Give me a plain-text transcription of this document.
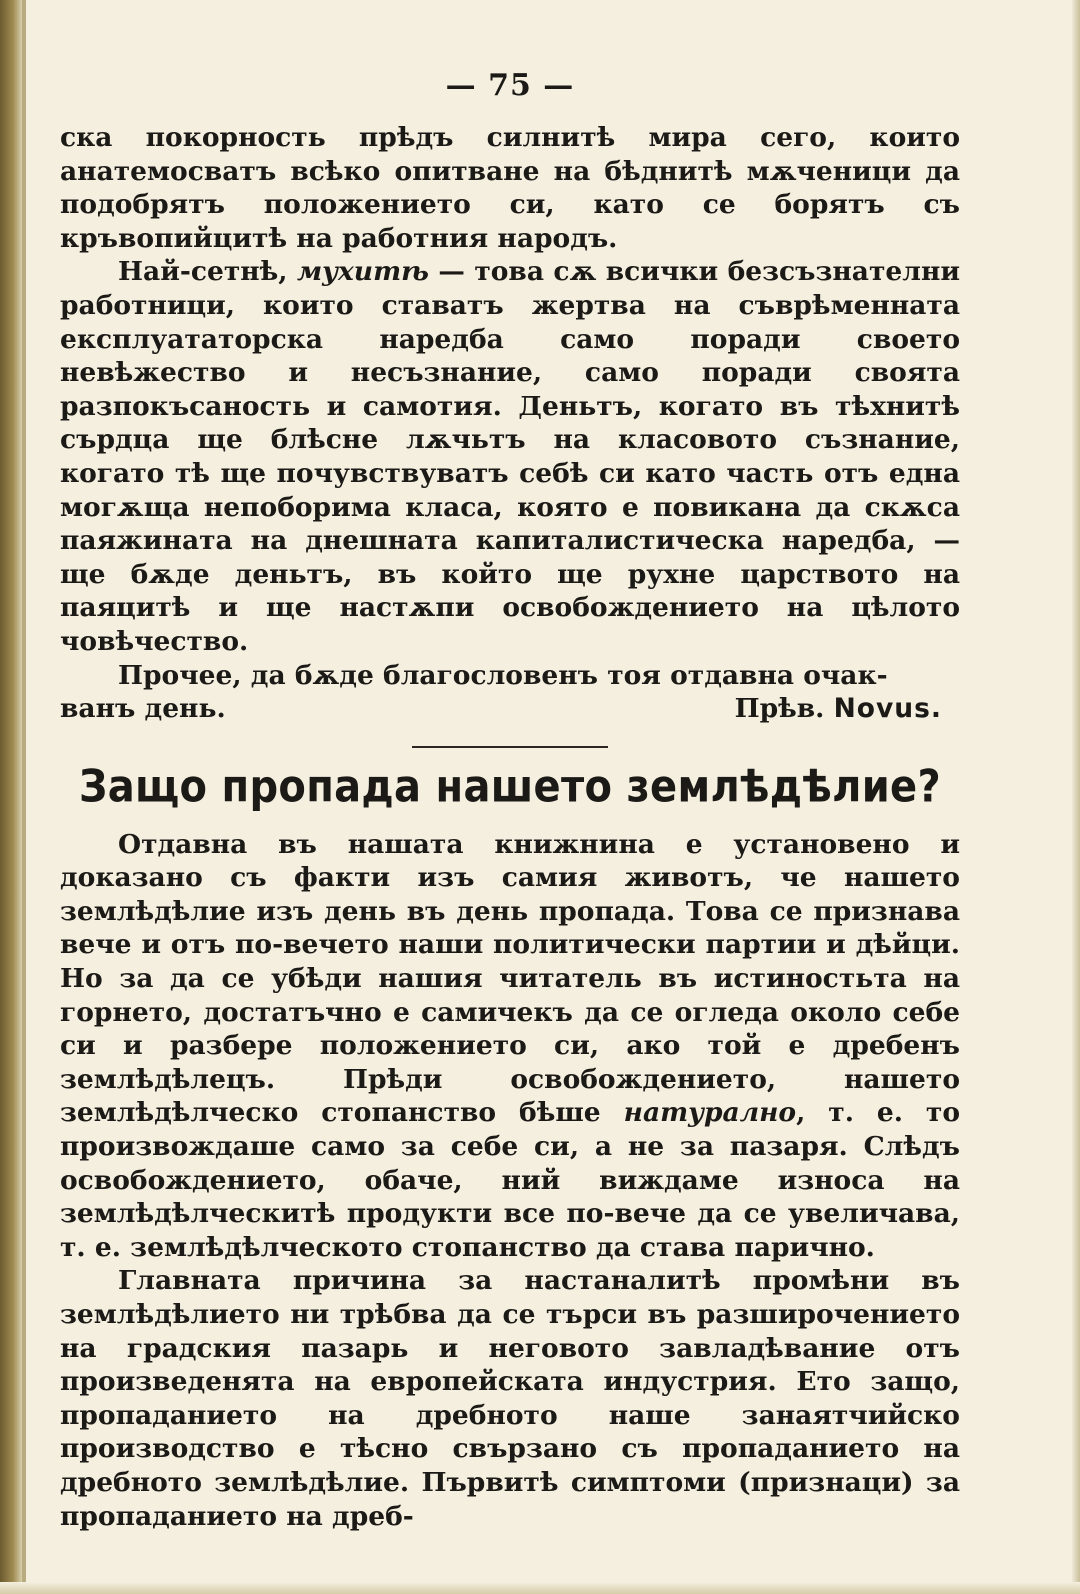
— 75 —

ска покорность прѣдъ силнитѣ мира сего, които анатемосватъ всѣко опитване на бѣднитѣ мѫченици да подобрятъ положението си, като се борятъ съ кръвопийцитѣ на работния народъ.

Най-сетнѣ, мухитѣ — това сѫ всички безсъзнателни работници, които ставатъ жертва на съврѣменната експлуататорска наредба само поради своето невѣжество и несъзнание, само поради своята разпокъсаность и самотия. Деньтъ, когато въ тѣхнитѣ сърдца ще блѣсне лѫчьтъ на класовото съзнание, когато тѣ ще почувствуватъ себѣ си като часть отъ една могѫща непоборима класа, която е повикана да скѫса паяжината на днешната капиталистическа наредба, — ще бѫде деньтъ, въ който ще рухне царството на паяцитѣ и ще настѫпи освобождението на цѣлото човѣчество.

Прочее, да бѫде благословенъ тоя отдавна очак-

ванъ день.	Прѣв. Novus.
Защо пропада нашето землѣдѣлие?

Отдавна въ нашата книжнина е установено и доказано съ факти изъ самия животъ, че нашето землѣдѣлие изъ день въ день пропада. Това се признава вече и отъ по-вечето наши политически партии и дѣйци. Но за да се убѣди нашия читатель въ истиностьта на горнето, достатъчно е самичекъ да се огледа около себе си и разбере положението си, ако той е дребенъ землѣдѣлецъ. Прѣди освобождението, нашето землѣдѣлческо стопанство бѣше натурално, т. е. то произвождаше само за себе си, а не за пазаря. Слѣдъ освобождението, обаче, ний виждаме износа на землѣдѣлческитѣ продукти все по-вече да се увеличава, т. е. землѣдѣлческото стопанство да става парично.

Главната причина за настаналитѣ промѣни въ землѣдѣлието ни трѣбва да се търси въ разширочението на градския пазарь и неговото завладѣвание отъ произведенята на европейската индустрия. Ето защо, пропаданието на дребното наше занаятчийско производство е тѣсно свързано съ пропаданието на дребното землѣдѣлие. Първитѣ симптоми (признаци) за пропаданието на дреб-
